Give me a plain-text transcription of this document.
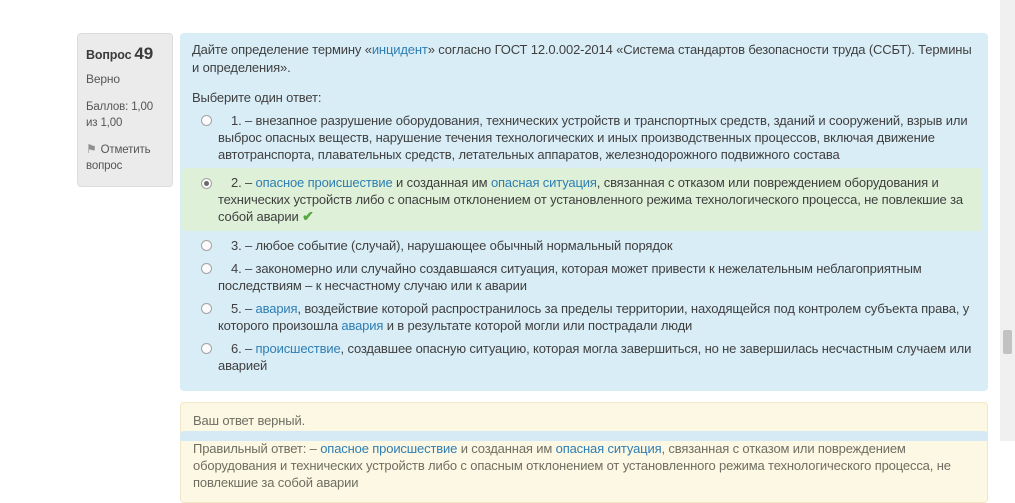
Вопрос 49
Верно
Баллов: 1,00 из 1,00
⚑ Отметить вопрос

Дайте определение термину «инцидент» согласно ГОСТ 12.0.002-2014 «Система стандартов безопасности труда (ССБТ). Термины и определения».

Выберите один ответ:
1. – внезапное разрушение оборудования, технических устройств и транспортных средств, зданий и сооружений, взрыв или выброс опасных веществ, нарушение течения технологических и иных производственных процессов, включая движение автотранспорта, плавательных средств, летательных аппаратов, железнодорожного подвижного состава
2. – опасное происшествие и созданная им опасная ситуация, связанная с отказом или повреждением оборудования и технических устройств либо с опасным отклонением от установленного режима технологического процесса, не повлекшие за собой аварии ✔
3. – любое событие (случай), нарушающее обычный нормальный порядок
4. – закономерно или случайно создавшаяся ситуация, которая может привести к нежелательным неблагоприятным последствиям – к несчастному случаю или к аварии
5. – авария, воздействие которой распространилось за пределы территории, находящейся под контролем субъекта права, у которого произошла авария и в результате которой могли или пострадали люди
6. – происшествие, создавшее опасную ситуацию, которая могла завершиться, но не завершилась несчастным случаем или аварией

Ваш ответ верный.

Правильный ответ: – опасное происшествие и созданная им опасная ситуация, связанная с отказом или повреждением оборудования и технических устройств либо с опасным отклонением от установленного режима технологического процесса, не повлекшие за собой аварии
